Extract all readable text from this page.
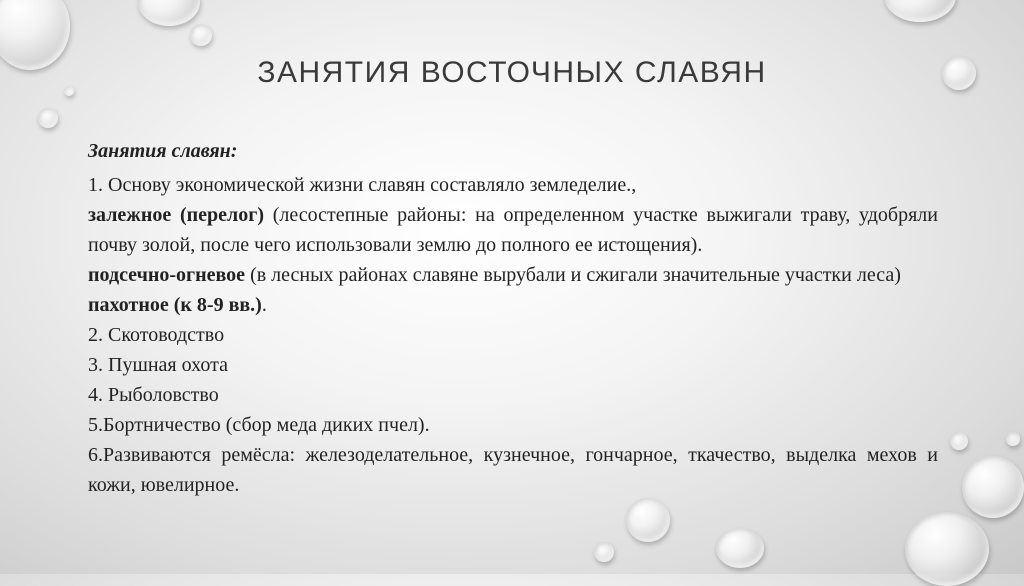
ЗАНЯТИЯ ВОСТОЧНЫХ СЛАВЯН
Занятия славян:

1. Основу экономической жизни славян составляло земледелие.,

залежное (перелог) (лесостепные районы: на определенном участке выжигали траву, удобряли почву золой, после чего использовали землю до полного ее истощения).

подсечно-огневое (в лесных районах славяне вырубали и сжигали значительные участки леса)

пахотное (к 8-9 вв.).

2. Скотоводство

3. Пушная охота

4. Рыболовство

5.Бортничество (сбор меда диких пчел).

6.Развиваются ремёсла: железоделательное, кузнечное, гончарное, ткачество, выделка мехов и кожи, ювелирное.
